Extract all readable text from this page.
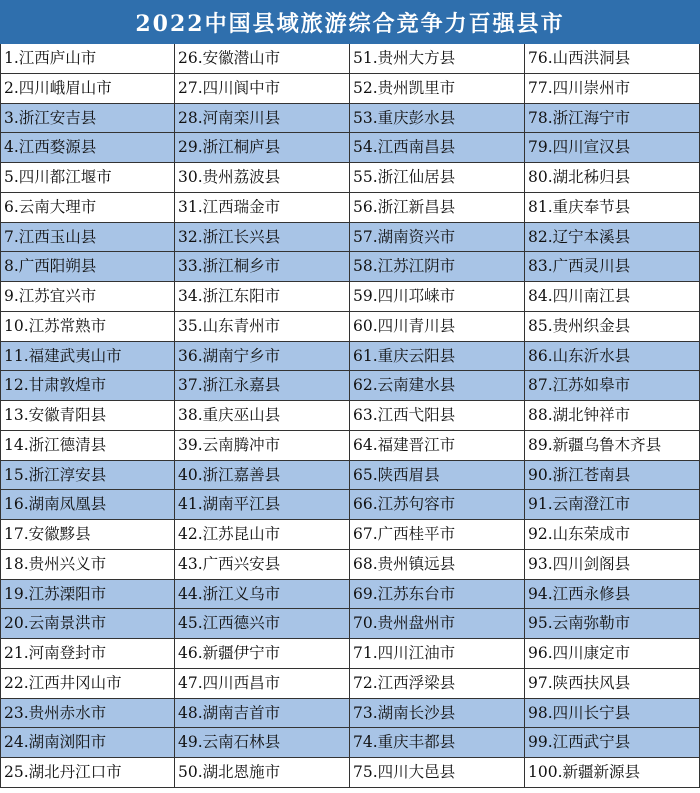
2022中国县域旅游综合竞争力百强县市
1.江西庐山市
2.四川峨眉山市
3.浙江安吉县
4.江西婺源县
5.四川都江堰市
6.云南大理市
7.江西玉山县
8.广西阳朔县
9.江苏宜兴市
10.江苏常熟市
11.福建武夷山市
12.甘肃敦煌市
13.安徽青阳县
14.浙江德清县
15.浙江淳安县
16.湖南凤凰县
17.安徽黟县
18.贵州兴义市
19.江苏溧阳市
20.云南景洪市
21.河南登封市
22.江西井冈山市
23.贵州赤水市
24.湖南浏阳市
25.湖北丹江口市
26.安徽潜山市
27.四川阆中市
28.河南栾川县
29.浙江桐庐县
30.贵州荔波县
31.江西瑞金市
32.浙江长兴县
33.浙江桐乡市
34.浙江东阳市
35.山东青州市
36.湖南宁乡市
37.浙江永嘉县
38.重庆巫山县
39.云南腾冲市
40.浙江嘉善县
41.湖南平江县
42.江苏昆山市
43.广西兴安县
44.浙江义乌市
45.江西德兴市
46.新疆伊宁市
47.四川西昌市
48.湖南吉首市
49.云南石林县
50.湖北恩施市
51.贵州大方县
52.贵州凯里市
53.重庆彭水县
54.江西南昌县
55.浙江仙居县
56.浙江新昌县
57.湖南资兴市
58.江苏江阴市
59.四川邛崃市
60.四川青川县
61.重庆云阳县
62.云南建水县
63.江西弋阳县
64.福建晋江市
65.陕西眉县
66.江苏句容市
67.广西桂平市
68.贵州镇远县
69.江苏东台市
70.贵州盘州市
71.四川江油市
72.江西浮梁县
73.湖南长沙县
74.重庆丰都县
75.四川大邑县
76.山西洪洞县
77.四川崇州市
78.浙江海宁市
79.四川宣汉县
80.湖北秭归县
81.重庆奉节县
82.辽宁本溪县
83.广西灵川县
84.四川南江县
85.贵州织金县
86.山东沂水县
87.江苏如皋市
88.湖北钟祥市
89.新疆乌鲁木齐县
90.浙江苍南县
91.云南澄江市
92.山东荣成市
93.四川剑阁县
94.江西永修县
95.云南弥勒市
96.四川康定市
97.陕西扶风县
98.四川长宁县
99.江西武宁县
100.新疆新源县
